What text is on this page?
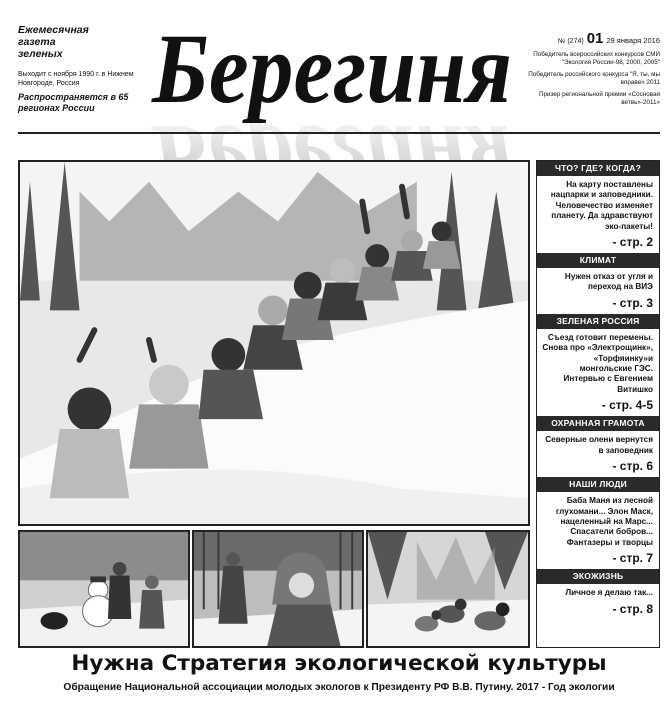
Ежемесячная
газета
зеленых
Выходит с ноября 1990 г. в Нижнем Новгороде, Россия
Распространяется в 65 регионах России Берегиня	№ (274) 01 29 января 2016
Победитель всероссийских конкурсов СМИ "Экология России-98, 2000, 2005"
Победитель российского конкурса "Я, ты, мы вправе» 2011
Призер региональной премии «Сосновая ветвь»-2011»
ЧТО? ГДЕ? КОГДА?
На карту поставлены нацпарки и заповедники. Человечество изменяет планету. Да здравствуют эко-пакеты!
- стр. 2
КЛИМАТ
Нужен отказ от угля и переход на ВИЭ
- стр. 3
ЗЕЛЕНАЯ РОССИЯ
Съезд готовит перемены. Снова про «Электрощинк», «Торфяинку»и монгольские ГЭС. Интервью с Евгением Витишко
- стр. 4-5
ОХРАННАЯ ГРАМОТА
Северные олени вернутся в заповедник
- стр. 6
НАШИ ЛЮДИ
Баба Маня из лесной глухомани... Элон Маск, нацеленный на Марс... Спасатели бобров... Фантазеры и творцы
- стр. 7
ЭКОЖИЗНЬ
Личное я делаю так...
- стр. 8
Нужна Стратегия экологической культуры
Обращение Национальной ассоциации молодых экологов к Президенту РФ В.В. Путину. 2017 - Год экологии
